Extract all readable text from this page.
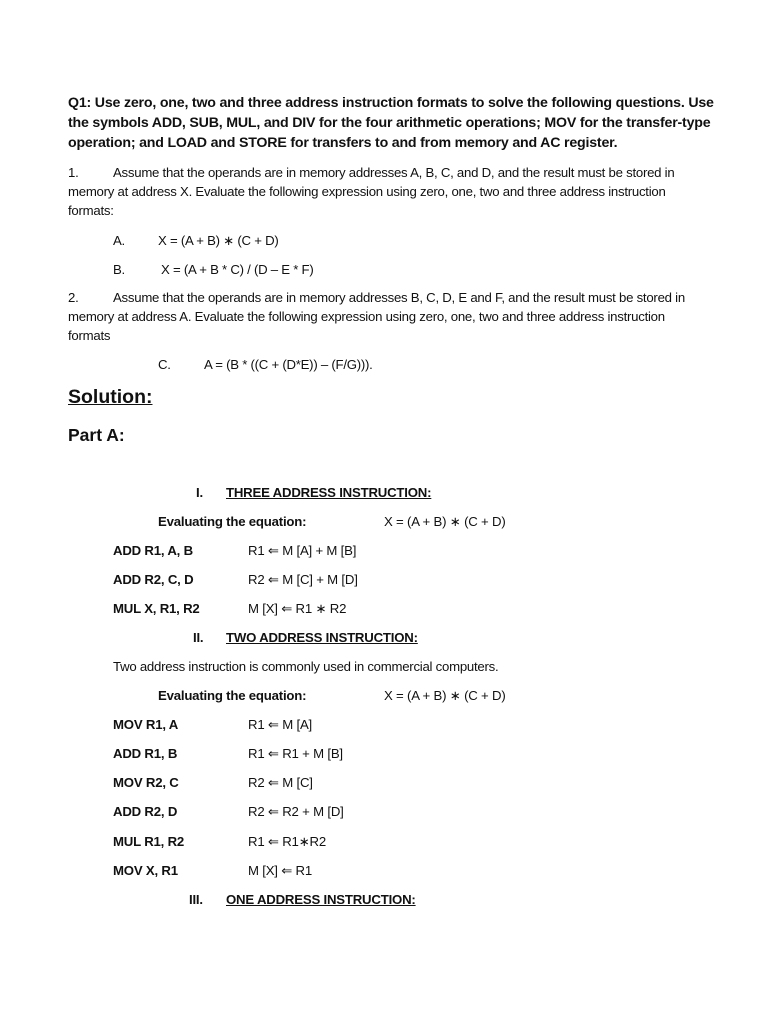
Q1: Use zero, one, two and three address instruction formats to solve the following questions. Use
the symbols ADD, SUB, MUL, and DIV for the four arithmetic operations; MOV for the transfer-type
operation; and LOAD and STORE for transfers to and from memory and AC register.
1.	Assume that the operands are in memory addresses A, B, C, and D, and the result must be stored in
memory at address X. Evaluate the following expression using zero, one, two and three address instruction
formats:
A.	X = (A + B) ∗ (C + D)
B.	X = (A + B * C) / (D – E * F)
2.	Assume that the operands are in memory addresses B, C, D, E and F, and the result must be stored in
memory at address A. Evaluate the following expression using zero, one, two and three address instruction
formats
C.	A = (B * ((C + (D*E)) – (F/G))).
Solution:
Part A:
I. THREE ADDRESS INSTRUCTION:
Evaluating the equation:	X = (A + B) ∗ (C + D)
ADD R1, A, B	R1 ⇐ M [A] + M [B]
ADD R2, C, D	R2 ⇐ M [C] + M [D]
MUL X, R1, R2	M [X] ⇐ R1 ∗ R2
II. TWO ADDRESS INSTRUCTION:
Two address instruction is commonly used in commercial computers.
Evaluating the equation:	X = (A + B) ∗ (C + D)
MOV R1, A	R1 ⇐ M [A]
ADD R1, B	R1 ⇐ R1 + M [B]
MOV R2, C	R2 ⇐ M [C]
ADD R2, D	R2 ⇐ R2 + M [D]
MUL R1, R2	R1 ⇐ R1∗R2
MOV X, R1	M [X] ⇐ R1
III. ONE ADDRESS INSTRUCTION:
